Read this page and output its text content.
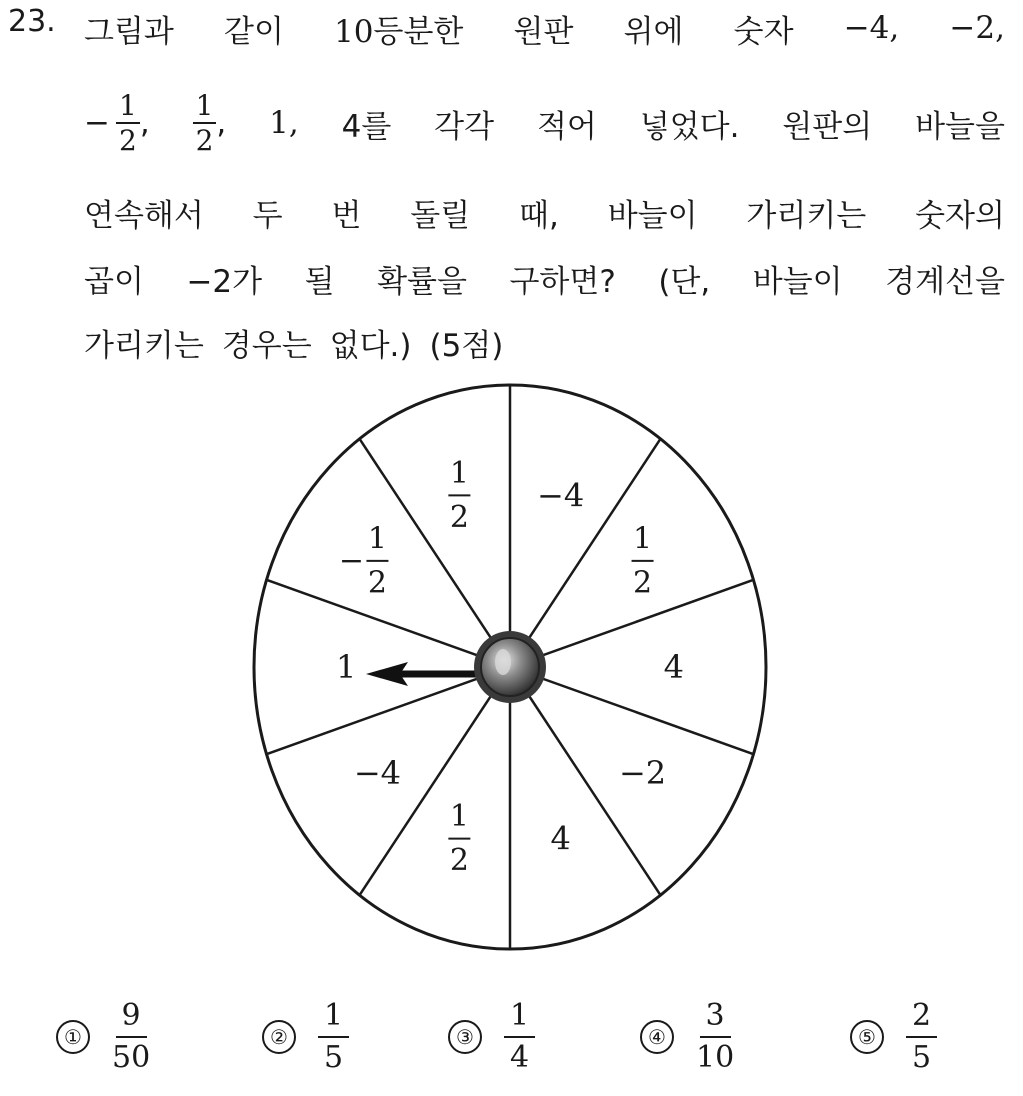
23. 그림과 같이 10등분한 원판 위에 숫자 −4, −2,
− $\frac{1}{2}$ , $\frac{1}{2}$ , 1, 4를 각각 적어 넣었다. 원판의 바늘을
연속해서 두 번 돌릴 때, 바늘이 가리키는 숫자의
곱이 −2가 될 확률을 구하면? (단, 바늘이 경계선을
가리키는 경우는 없다.) (5점)
−4
1
2
4
−2
4
1
2
−4
1
1
2
−
1
2
① $\frac{9}{50}$	② $\frac{1}{5}$	③ $\frac{1}{4}$	④ $\frac{3}{10}$	⑤ $\frac{2}{5}$
